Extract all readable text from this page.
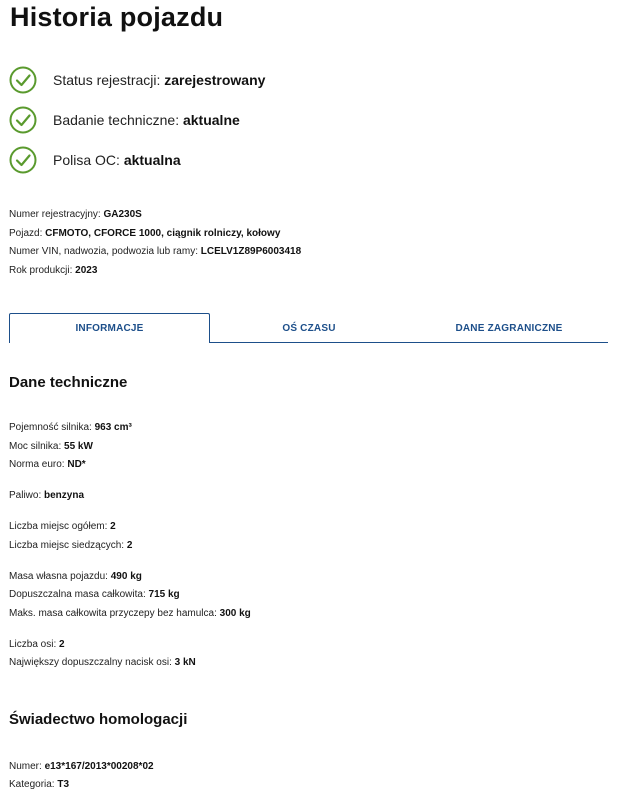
Historia pojazdu
Status rejestracji: zarejestrowany
Badanie techniczne: aktualne
Polisa OC: aktualna
Numer rejestracyjny: GA230S
Pojazd: CFMOTO, CFORCE 1000, ciągnik rolniczy, kołowy
Numer VIN, nadwozia, podwozia lub ramy: LCELV1Z89P6003418
Rok produkcji: 2023
INFORMACJE	OŚ CZASU	DANE ZAGRANICZNE
Dane techniczne
Pojemność silnika: 963 cm³
Moc silnika: 55 kW
Norma euro: ND*
Paliwo: benzyna
Liczba miejsc ogółem: 2
Liczba miejsc siedzących: 2
Masa własna pojazdu: 490 kg
Dopuszczalna masa całkowita: 715 kg
Maks. masa całkowita przyczepy bez hamulca: 300 kg
Liczba osi: 2
Największy dopuszczalny nacisk osi: 3 kN
Świadectwo homologacji
Numer: e13*167/2013*00208*02
Kategoria: T3
